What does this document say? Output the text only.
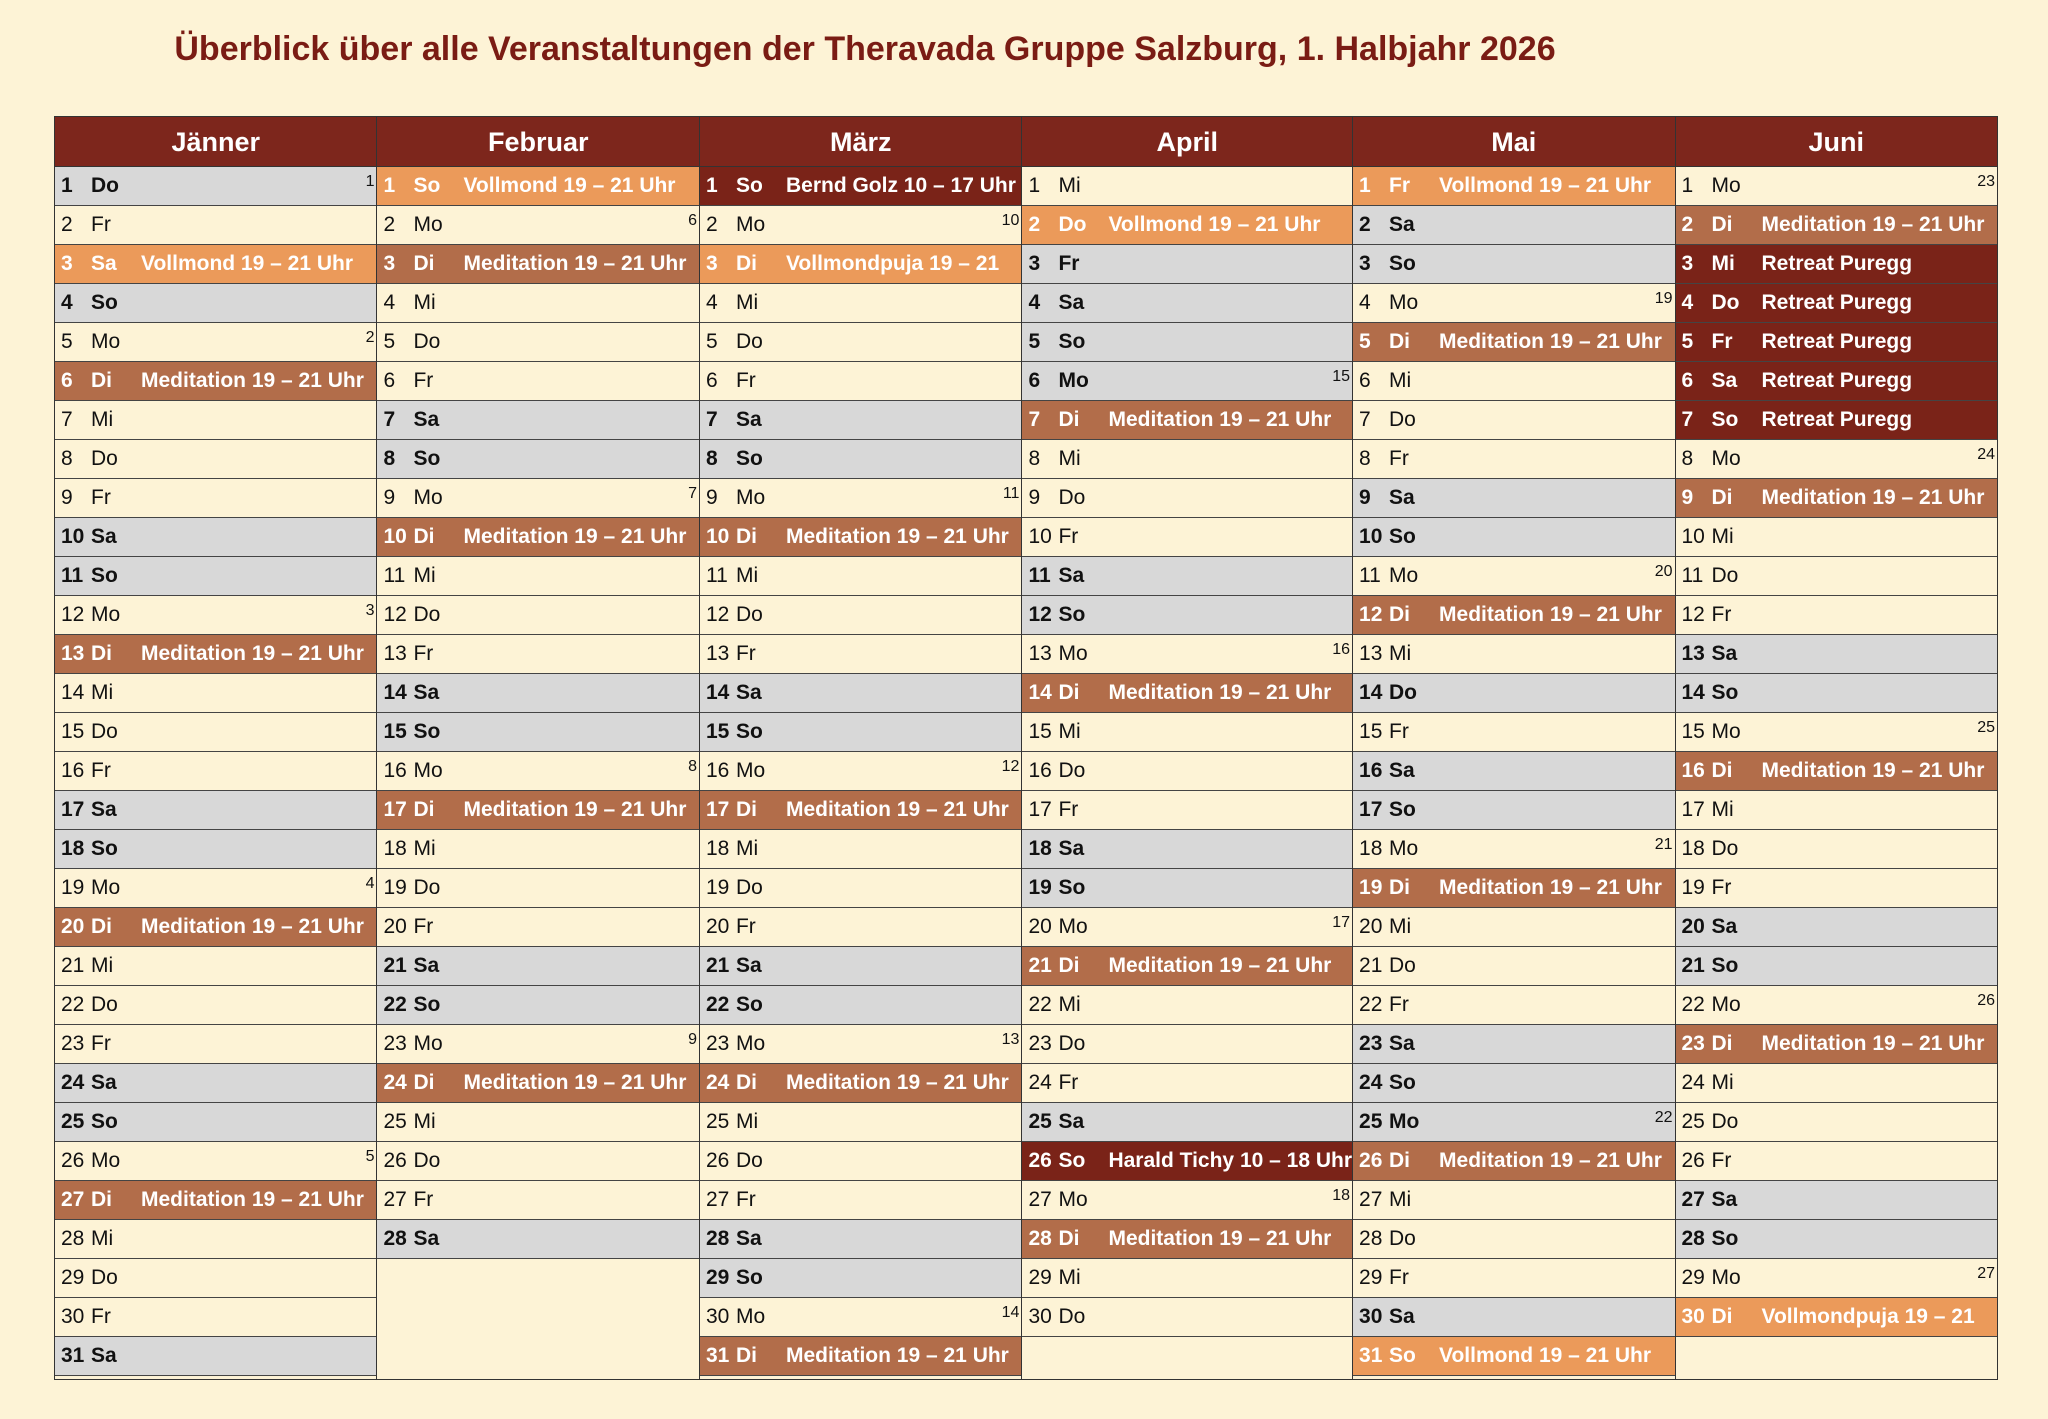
Überblick über alle Veranstaltungen der Theravada Gruppe Salzburg, 1. Halbjahr 2026
Jänner
1 Do	1
2 Fr
3 Sa Vollmond 19 – 21 Uhr
4 So
5 Mo	2
6 Di Meditation 19 – 21 Uhr
7 Mi
8 Do
9 Fr
10 Sa
11 So
12 Mo	3
13 Di Meditation 19 – 21 Uhr
14 Mi
15 Do
16 Fr
17 Sa
18 So
19 Mo	4
20 Di Meditation 19 – 21 Uhr
21 Mi
22 Do
23 Fr
24 Sa
25 So
26 Mo	5
27 Di Meditation 19 – 21 Uhr
28 Mi
29 Do
30 Fr
31 Sa
Februar
1 So Vollmond 19 – 21 Uhr
2 Mo	6
3 Di Meditation 19 – 21 Uhr
4 Mi
5 Do
6 Fr
7 Sa
8 So
9 Mo	7
10 Di Meditation 19 – 21 Uhr
11 Mi
12 Do
13 Fr
14 Sa
15 So
16 Mo	8
17 Di Meditation 19 – 21 Uhr
18 Mi
19 Do
20 Fr
21 Sa
22 So
23 Mo	9
24 Di Meditation 19 – 21 Uhr
25 Mi
26 Do
27 Fr
28 Sa
März
1 So Bernd Golz 10 – 17 Uhr
2 Mo	10
3 Di Vollmondpuja 19 – 21
4 Mi
5 Do
6 Fr
7 Sa
8 So
9 Mo	11
10 Di Meditation 19 – 21 Uhr
11 Mi
12 Do
13 Fr
14 Sa
15 So
16 Mo	12
17 Di Meditation 19 – 21 Uhr
18 Mi
19 Do
20 Fr
21 Sa
22 So
23 Mo	13
24 Di Meditation 19 – 21 Uhr
25 Mi
26 Do
27 Fr
28 Sa
29 So
30 Mo	14
31 Di Meditation 19 – 21 Uhr
April
1 Mi
2 Do Vollmond 19 – 21 Uhr
3 Fr
4 Sa
5 So
6 Mo	15
7 Di Meditation 19 – 21 Uhr
8 Mi
9 Do
10 Fr
11 Sa
12 So
13 Mo	16
14 Di Meditation 19 – 21 Uhr
15 Mi
16 Do
17 Fr
18 Sa
19 So
20 Mo	17
21 Di Meditation 19 – 21 Uhr
22 Mi
23 Do
24 Fr
25 Sa
26 So Harald Tichy 10 – 18 Uhr
27 Mo	18
28 Di Meditation 19 – 21 Uhr
29 Mi
30 Do
Mai
1 Fr Vollmond 19 – 21 Uhr
2 Sa
3 So
4 Mo	19
5 Di Meditation 19 – 21 Uhr
6 Mi
7 Do
8 Fr
9 Sa
10 So
11 Mo	20
12 Di Meditation 19 – 21 Uhr
13 Mi
14 Do
15 Fr
16 Sa
17 So
18 Mo	21
19 Di Meditation 19 – 21 Uhr
20 Mi
21 Do
22 Fr
23 Sa
24 So
25 Mo	22
26 Di Meditation 19 – 21 Uhr
27 Mi
28 Do
29 Fr
30 Sa
31 So Vollmond 19 – 21 Uhr
Juni
1 Mo	23
2 Di Meditation 19 – 21 Uhr
3 Mi Retreat Puregg
4 Do Retreat Puregg
5 Fr Retreat Puregg
6 Sa Retreat Puregg
7 So Retreat Puregg
8 Mo	24
9 Di Meditation 19 – 21 Uhr
10 Mi
11 Do
12 Fr
13 Sa
14 So
15 Mo	25
16 Di Meditation 19 – 21 Uhr
17 Mi
18 Do
19 Fr
20 Sa
21 So
22 Mo	26
23 Di Meditation 19 – 21 Uhr
24 Mi
25 Do
26 Fr
27 Sa
28 So
29 Mo	27
30 Di Vollmondpuja 19 – 21
